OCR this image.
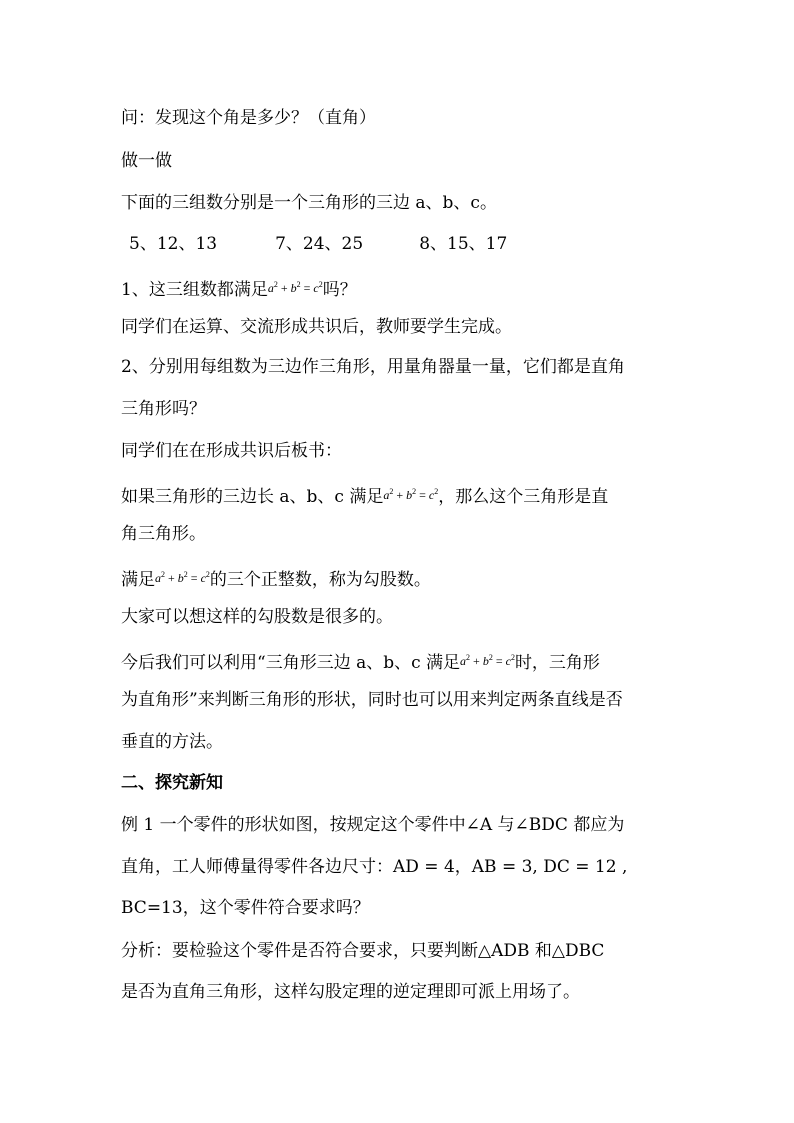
问：发现这个角是多少？（直角）
做一做
下面的三组数分别是一个三角形的三边 a、b、c。
5、12、13	7、24、25	8、15、17
1、这三组数都满足$a^2 + b^2 = c^2$吗？
同学们在运算、交流形成共识后，教师要学生完成。
2、分别用每组数为三边作三角形，用量角器量一量，它们都是直角
三角形吗？
同学们在在形成共识后板书：
如果三角形的三边长 a、b、c 满足$a^2 + b^2 = c^2$，那么这个三角形是直
角三角形。
满足$a^2 + b^2 = c^2$的三个正整数，称为勾股数。
大家可以想这样的勾股数是很多的。
今后我们可以利用“三角形三边 a、b、c 满足$a^2 + b^2 = c^2$时，三角形
为直角形”来判断三角形的形状，同时也可以用来判定两条直线是否
垂直的方法。
二、探究新知
例 1 一个零件的形状如图，按规定这个零件中∠A 与∠BDC 都应为
直角，工人师傅量得零件各边尺寸：AD = 4，AB = 3, DC = 12 ,
BC=13，这个零件符合要求吗？
分析：要检验这个零件是否符合要求，只要判断△ADB 和△DBC
是否为直角三角形，这样勾股定理的逆定理即可派上用场了。
